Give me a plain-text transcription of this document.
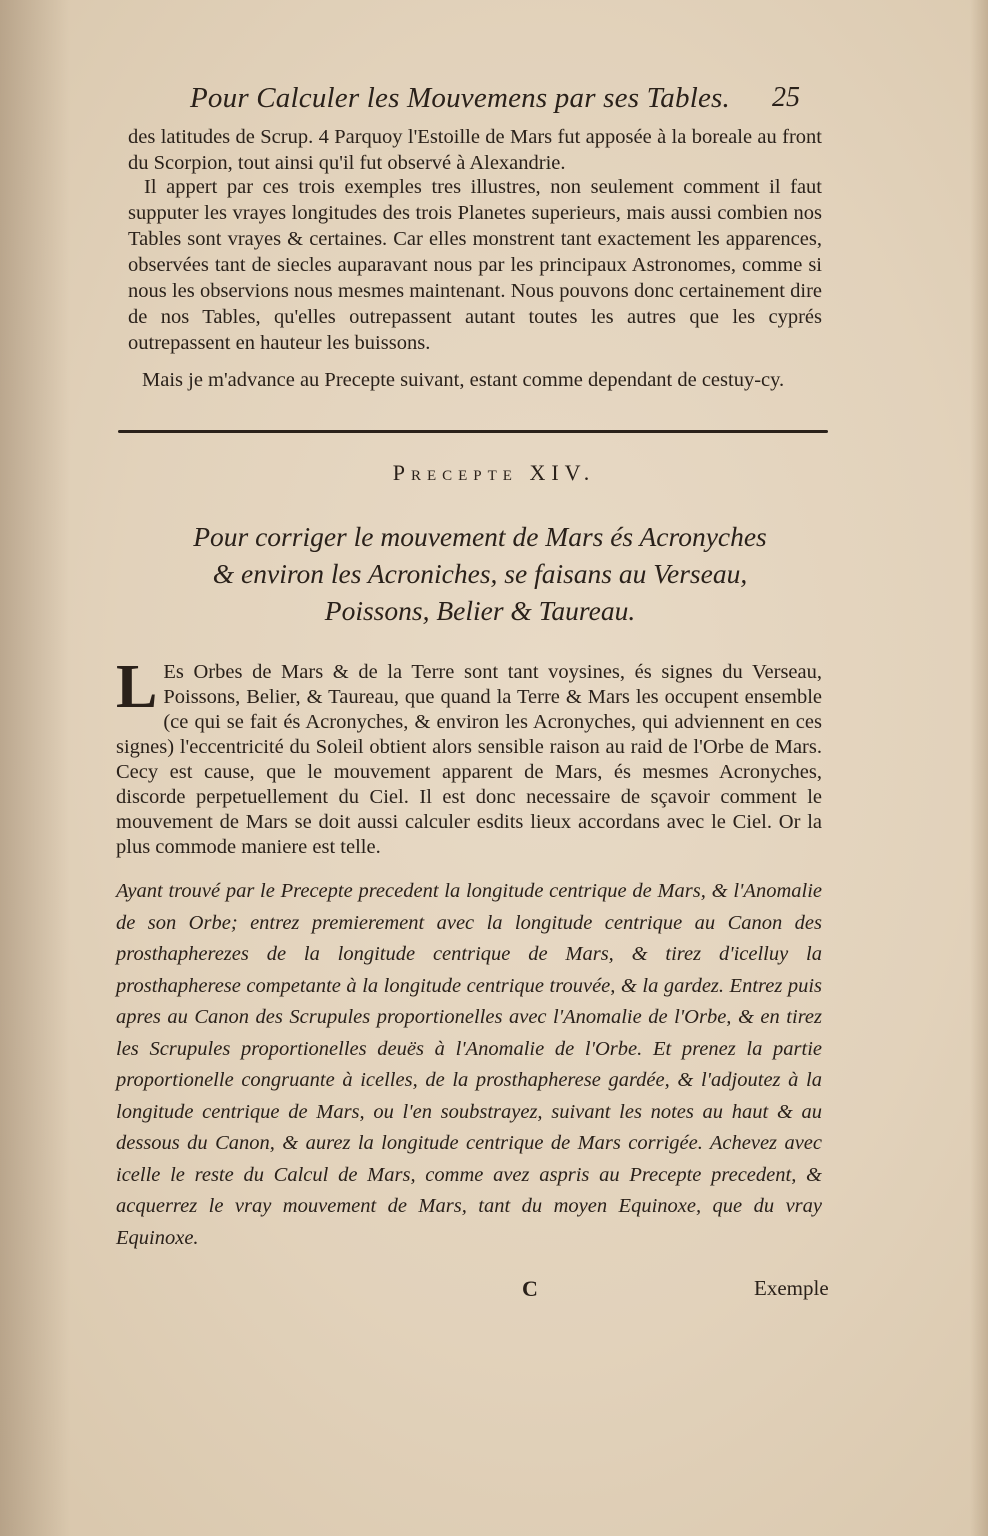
Pour Calculer les Mouvemens par ses Tables. 25

des latitudes de Scrup. 4 Parquoy l'Estoille de Mars fut apposée à la boreale au front du Scorpion, tout ainsi qu'il fut observé à Alexandrie.

Il appert par ces trois exemples tres illustres, non seulement comment il faut supputer les vrayes longitudes des trois Planetes superieurs, mais aussi combien nos Tables sont vrayes & certaines. Car elles monstrent tant exactement les apparences, observées tant de siecles auparavant nous par les principaux Astronomes, comme si nous les observions nous mesmes maintenant. Nous pouvons donc certainement dire de nos Tables, qu'elles outrepassent autant toutes les autres que les cyprés outrepassent en hauteur les buissons.

Mais je m'advance au Precepte suivant, estant comme dependant de cestuy-cy.

Precepte XIV.
Pour corriger le mouvement de Mars és Acronyches
& environ les Acroniches, se faisans au Verseau,
Poissons, Belier & Taureau.
L Es Orbes de Mars & de la Terre sont tant voysines, és signes du Verseau, Poissons, Belier, & Taureau, que quand la Terre & Mars les occupent ensemble (ce qui se fait és Acronyches, & environ les Acronyches, qui adviennent en ces signes) l'eccentricité du Soleil obtient alors sensible raison au raid de l'Orbe de Mars. Cecy est cause, que le mouvement apparent de Mars, és mesmes Acronyches, discorde perpetuellement du Ciel. Il est donc necessaire de sçavoir comment le mouvement de Mars se doit aussi calculer esdits lieux accordans avec le Ciel. Or la plus commode maniere est telle.
Ayant trouvé par le Precepte precedent la longitude centrique de Mars, & l'Anomalie de son Orbe; entrez premierement avec la longitude centrique au Canon des prosthapherezes de la longitude centrique de Mars, & tirez d'icelluy la prosthapherese competante à la longitude centrique trouvée, & la gardez. Entrez puis apres au Canon des Scrupules proportionelles avec l'Anomalie de l'Orbe, & en tirez les Scrupules proportionelles deuës à l'Anomalie de l'Orbe. Et prenez la partie proportionelle congruante à icelles, de la prosthapherese gardée, & l'adjoutez à la longitude centrique de Mars, ou l'en soubstrayez, suivant les notes au haut & au dessous du Canon, & aurez la longitude centrique de Mars corrigée. Achevez avec icelle le reste du Calcul de Mars, comme avez aspris au Precepte precedent, & acquerrez le vray mouvement de Mars, tant du moyen Equinoxe, que du vray Equinoxe.
C	Exemple
